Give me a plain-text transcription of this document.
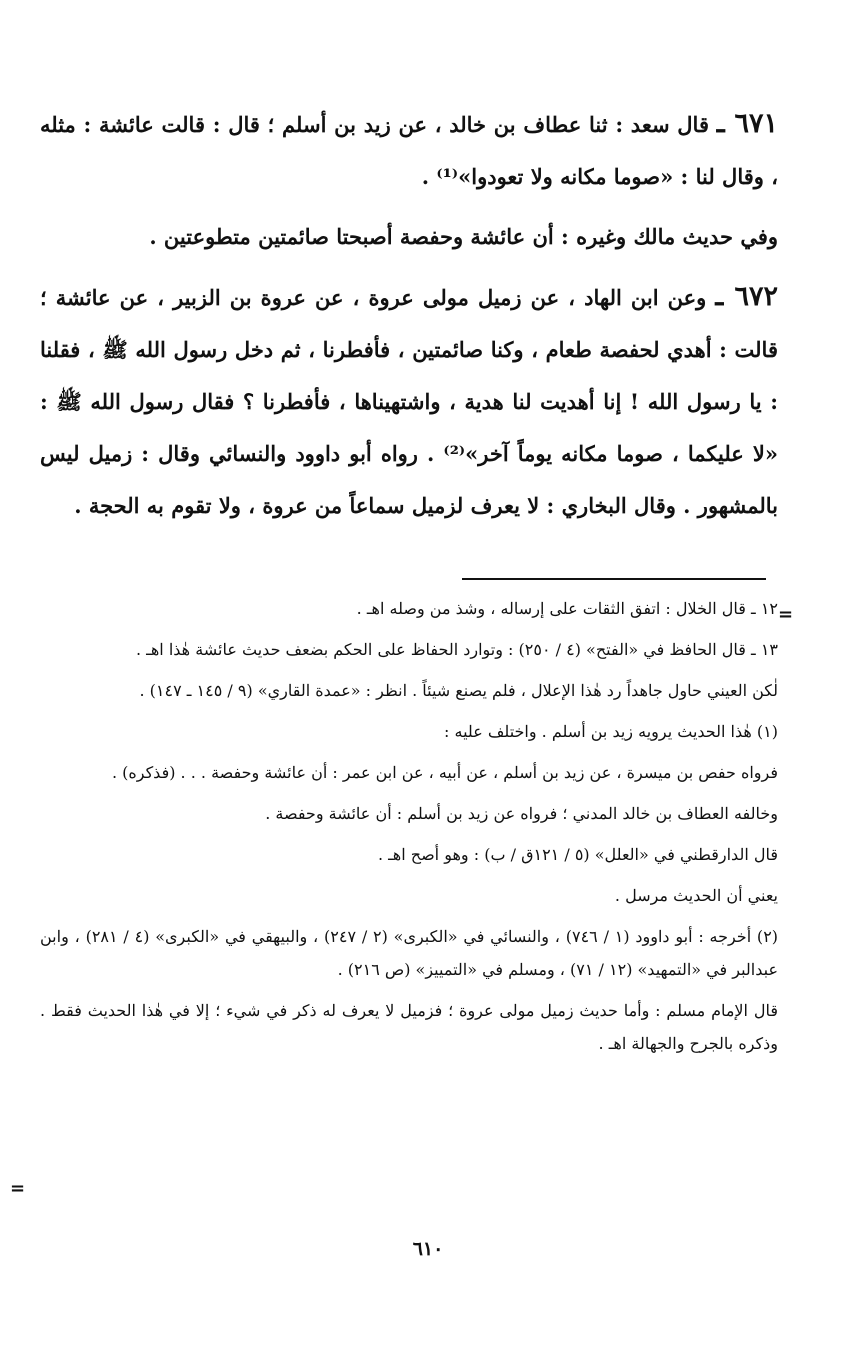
٦٧١ ـ قال سعد : ثنا عطاف بن خالد ، عن زيد بن أسلم ؛ قال : قالت عائشة : مثله ، وقال لنا : «صوما مكانه ولا تعودوا»⁽¹⁾ .

وفي حديث مالك وغيره : أن عائشة وحفصة أصبحتا صائمتين متطوعتين .

٦٧٢ ـ وعن ابن الهاد ، عن زميل مولى عروة ، عن عروة بن الزبير ، عن عائشة ؛ قالت : أهدي لحفصة طعام ، وكنا صائمتين ، فأفطرنا ، ثم دخل رسول الله ﷺ ، فقلنا : يا رسول الله ! إنا أهديت لنا هدية ، واشتهيناها ، فأفطرنا ؟ فقال رسول الله ﷺ : «لا عليكما ، صوما مكانه يوماً آخر»⁽²⁾ . رواه أبو داوود والنسائي وقال : زميل ليس بالمشهور . وقال البخاري : لا يعرف لزميل سماعاً من عروة ، ولا تقوم به الحجة .

١٢ ـ قال الخلال : اتفق الثقات على إرساله ، وشذ من وصله اهـ .

١٣ ـ قال الحافظ في «الفتح» (٤ / ٢٥٠) : وتوارد الحفاظ على الحكم بضعف حديث عائشة هٰذا اهـ .

لٰكن العيني حاول جاهداً رد هٰذا الإعلال ، فلم يصنع شيئاً . انظر : «عمدة القاري» (٩ / ١٤٥ ـ ١٤٧) .

(١) هٰذا الحديث يرويه زيد بن أسلم . واختلف عليه :

فرواه حفص بن ميسرة ، عن زيد بن أسلم ، عن أبيه ، عن ابن عمر : أن عائشة وحفصة . . . (فذكره) .

وخالفه العطاف بن خالد المدني ؛ فرواه عن زيد بن أسلم : أن عائشة وحفصة .

قال الدارقطني في «العلل» (٥ / ١٢١ق / ب) : وهو أصح اهـ .

يعني أن الحديث مرسل .

(٢) أخرجه : أبو داوود (١ / ٧٤٦) ، والنسائي في «الكبرى» (٢ / ٢٤٧) ، والبيهقي في «الكبرى» (٤ / ٢٨١) ، وابن عبدالبر في «التمهيد» (١٢ / ٧١) ، ومسلم في «التمييز» (ص ٢١٦) .

قال الإمام مسلم : وأما حديث زميل مولى عروة ؛ فزميل لا يعرف له ذكر في شيء ؛ إلا في هٰذا الحديث فقط . وذكره بالجرح والجهالة اهـ .

=
=
٦١٠
